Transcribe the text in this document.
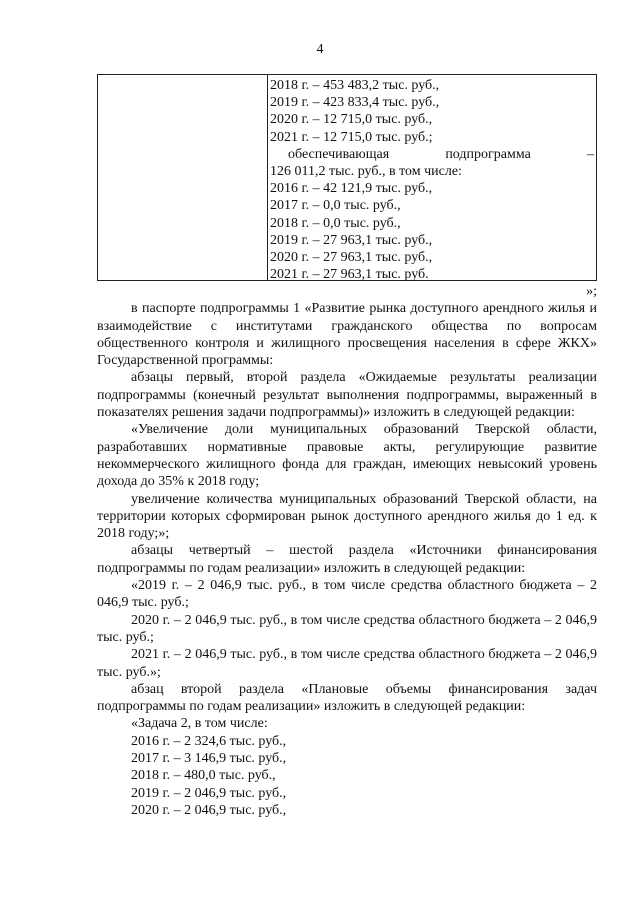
4
2018 г. – 453 483,2 тыс. руб.,
2019 г. – 423 833,4 тыс. руб.,
2020 г. – 12 715,0 тыс. руб.,
2021 г. – 12 715,0 тыс. руб.;
обеспечивающая	подпрограмма	–
126 011,2 тыс. руб., в том числе:
2016 г. – 42 121,9 тыс. руб.,
2017 г. – 0,0 тыс. руб.,
2018 г. – 0,0 тыс. руб.,
2019 г. – 27 963,1 тыс. руб.,
2020 г. – 27 963,1 тыс. руб.,
2021 г. – 27 963,1 тыс. руб.
»;
в паспорте подпрограммы 1 «Развитие рынка доступного арендного жилья и взаимодействие с институтами гражданского общества по вопросам общественного контроля и жилищного просвещения населения в сфере ЖКХ» Государственной программы:
абзацы первый, второй раздела «Ожидаемые результаты реализации подпрограммы (конечный результат выполнения подпрограммы, выраженный в показателях решения задачи подпрограммы)» изложить в следующей редакции:
«Увеличение доли муниципальных образований Тверской области, разработавших нормативные правовые акты, регулирующие развитие некоммерческого жилищного фонда для граждан, имеющих невысокий уровень дохода до 35% к 2018 году;
увеличение количества муниципальных образований Тверской области, на территории которых сформирован рынок доступного арендного жилья до 1 ед. к 2018 году;»;
абзацы четвертый – шестой раздела «Источники финансирования подпрограммы по годам реализации» изложить в следующей редакции:
«2019 г. – 2 046,9 тыс. руб., в том числе средства областного бюджета – 2 046,9 тыс. руб.;
2020 г. – 2 046,9 тыс. руб., в том числе средства областного бюджета – 2 046,9 тыс. руб.;
2021 г. – 2 046,9 тыс. руб., в том числе средства областного бюджета – 2 046,9 тыс. руб.»;
абзац второй раздела «Плановые объемы финансирования задач подпрограммы по годам реализации» изложить в следующей редакции:
«Задача 2, в том числе:
2016 г. – 2 324,6 тыс. руб.,
2017 г. – 3 146,9 тыс. руб.,
2018 г. – 480,0 тыс. руб.,
2019 г. – 2 046,9 тыс. руб.,
2020 г. – 2 046,9 тыс. руб.,
